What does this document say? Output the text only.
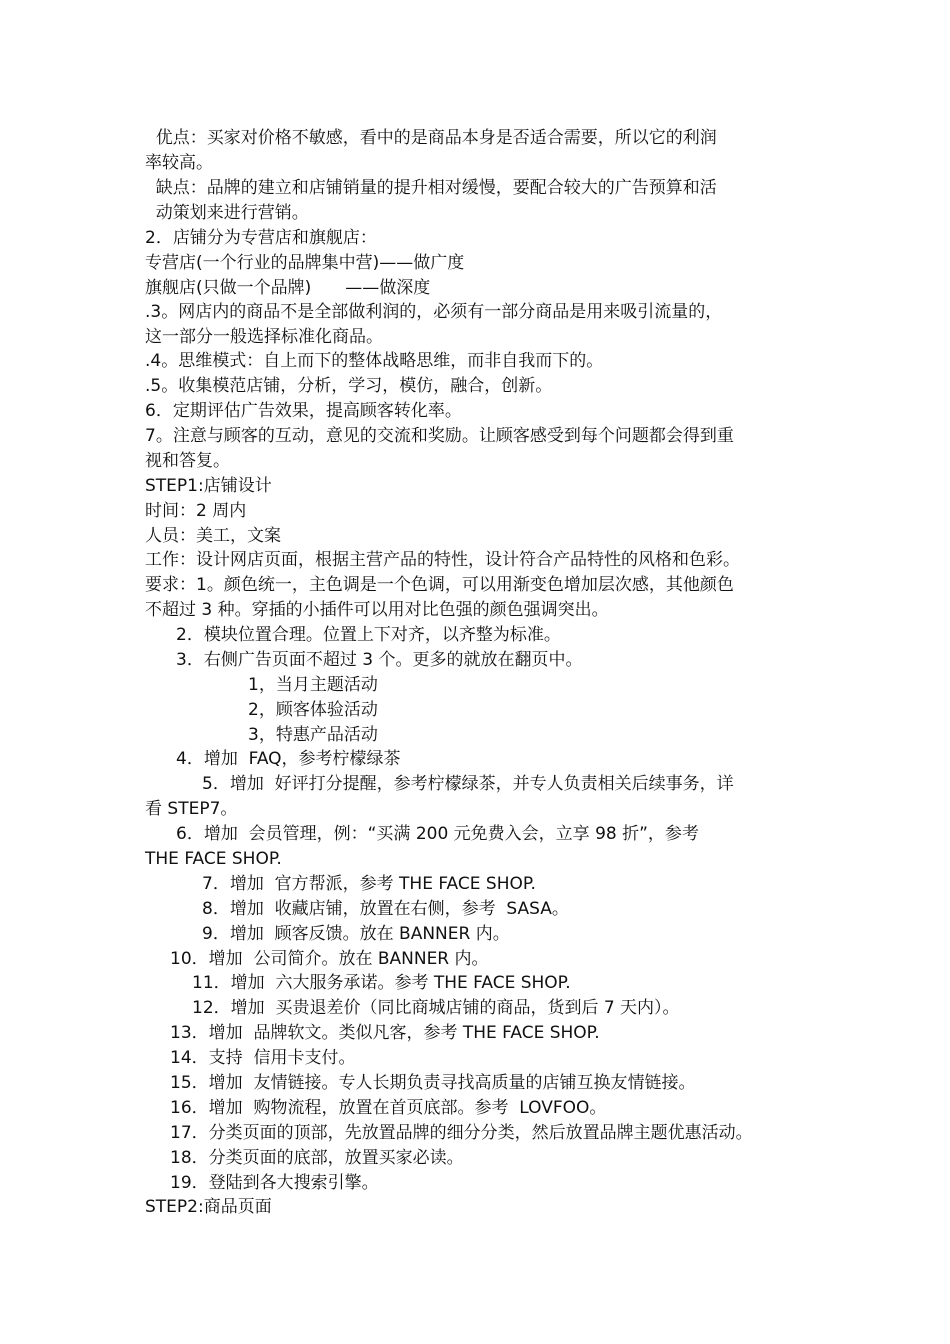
优点：买家对价格不敏感，看中的是商品本身是否适合需要，所以它的利润
率较高。
缺点：品牌的建立和店铺销量的提升相对缓慢，要配合较大的广告预算和活
动策划来进行营销。
2．店铺分为专营店和旗舰店：
专营店(一个行业的品牌集中营)——做广度
旗舰店(只做一个品牌)　　——做深度
.3。网店内的商品不是全部做利润的，必须有一部分商品是用来吸引流量的，
这一部分一般选择标准化商品。
.4。思维模式：自上而下的整体战略思维，而非自我而下的。
.5。收集模范店铺，分析，学习，模仿，融合，创新。
6．定期评估广告效果，提高顾客转化率。
7。注意与顾客的互动，意见的交流和奖励。让顾客感受到每个问题都会得到重
视和答复。
STEP1:店铺设计
时间：2 周内
人员：美工，文案
工作：设计网店页面，根据主营产品的特性，设计符合产品特性的风格和色彩。
要求：1。颜色统一，主色调是一个色调，可以用渐变色增加层次感，其他颜色
不超过 3 种。穿插的小插件可以用对比色强的颜色强调突出。
2．模块位置合理。位置上下对齐，以齐整为标准。
3．右侧广告页面不超过 3 个。更多的就放在翻页中。
1，当月主题活动
2，顾客体验活动
3，特惠产品活动
4．增加  FAQ，参考柠檬绿茶
5．增加  好评打分提醒，参考柠檬绿茶，并专人负责相关后续事务，详
看 STEP7。
6．增加  会员管理，例：“买满 200 元免费入会，立享 98 折”，参考
THE FACE SHOP.
7．增加  官方帮派，参考 THE FACE SHOP.
8．增加  收藏店铺，放置在右侧，参考  SASA。
9．增加  顾客反馈。放在 BANNER 内。
10．增加  公司简介。放在 BANNER 内。
11．增加  六大服务承诺。参考 THE FACE SHOP.
12．增加  买贵退差价（同比商城店铺的商品，货到后 7 天内）。
13．增加  品牌软文。类似凡客，参考 THE FACE SHOP.
14．支持  信用卡支付。
15．增加  友情链接。专人长期负责寻找高质量的店铺互换友情链接。
16．增加  购物流程，放置在首页底部。参考  LOVFOO。
17．分类页面的顶部，先放置品牌的细分分类，然后放置品牌主题优惠活动。
18．分类页面的底部，放置买家必读。
19．登陆到各大搜索引擎。
STEP2:商品页面
